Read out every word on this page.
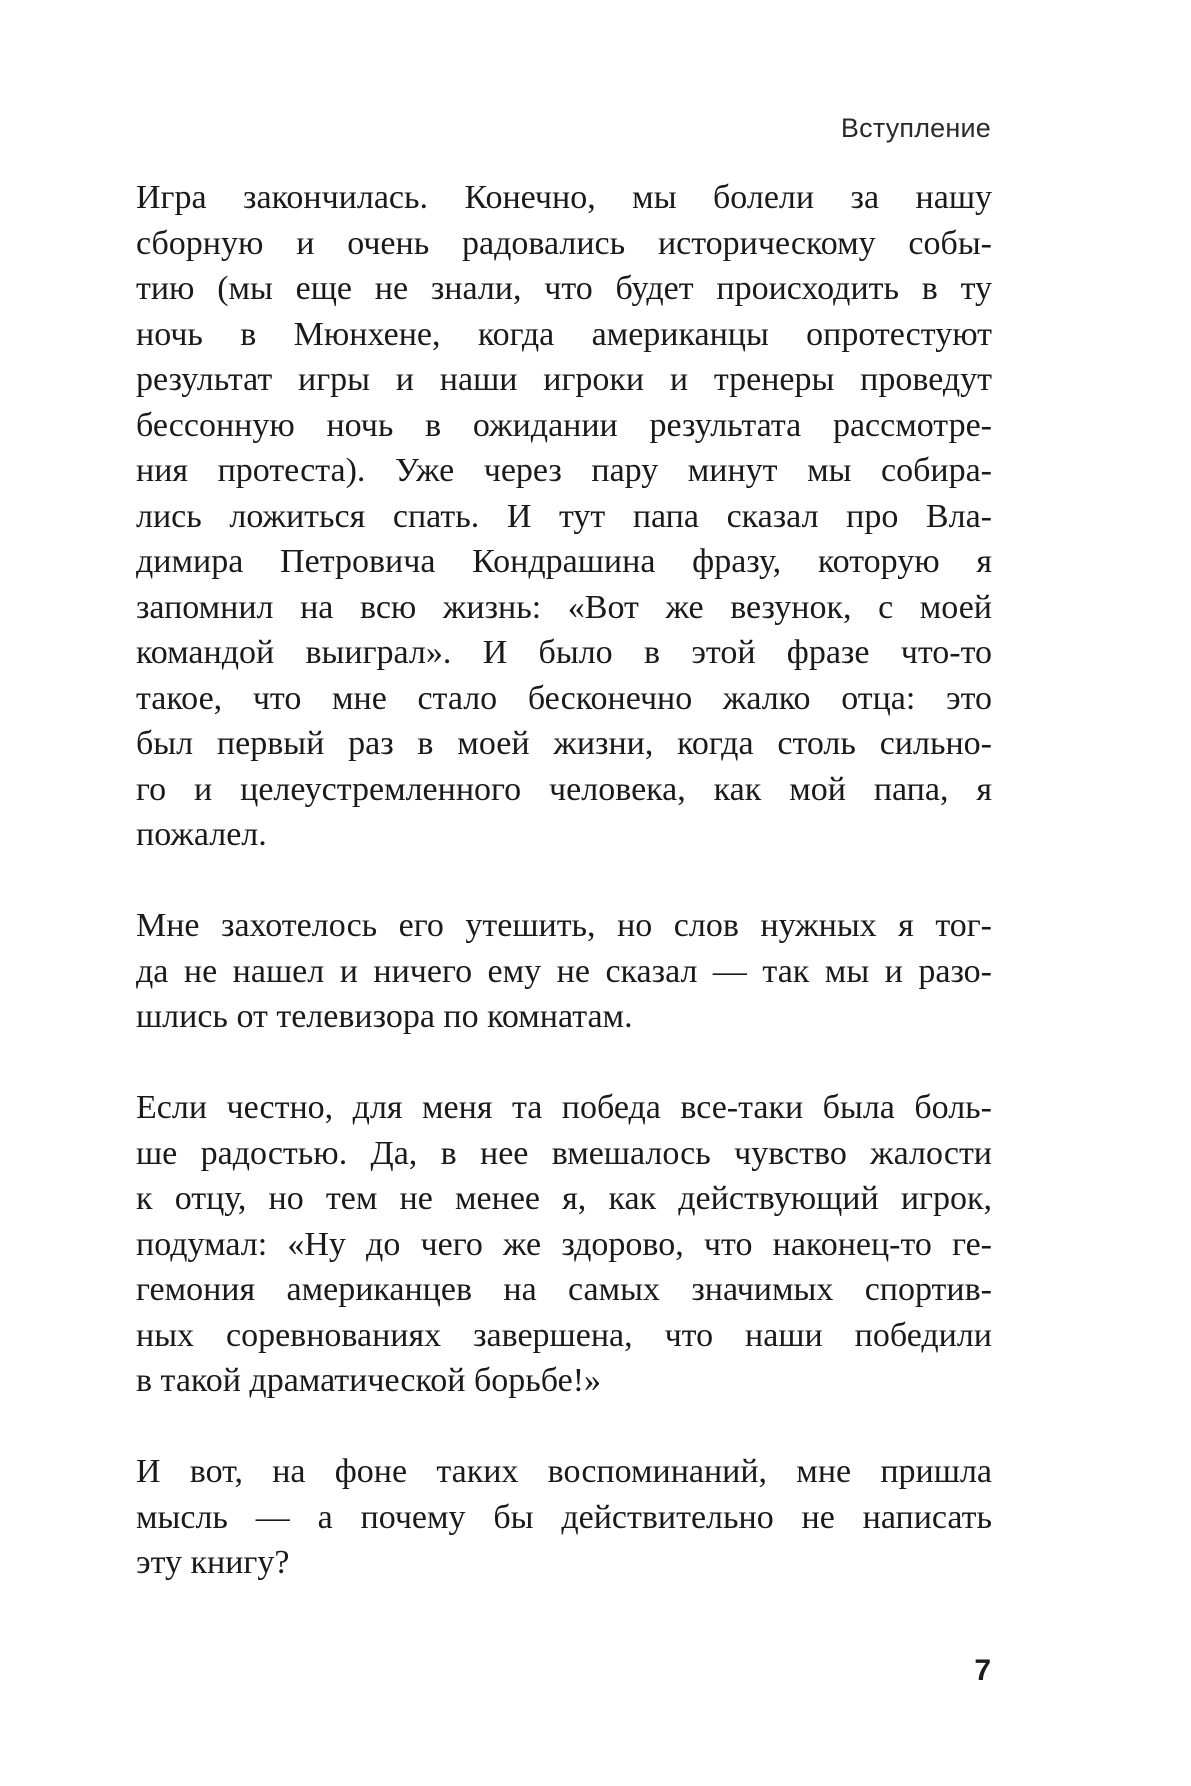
Вступление

Игра закончилась. Конечно, мы болели за нашу
сборную и очень радовались историческому собы-
тию (мы еще не знали, что будет происходить в ту
ночь в Мюнхене, когда американцы опротестуют
результат игры и наши игроки и тренеры проведут
бессонную ночь в ожидании результата рассмотре-
ния протеста). Уже через пару минут мы собира-
лись ложиться спать. И тут папа сказал про Вла-
димира Петровича Кондрашина фразу, которую я
запомнил на всю жизнь: «Вот же везунок, с моей
командой выиграл». И было в этой фразе что-то
такое, что мне стало бесконечно жалко отца: это
был первый раз в моей жизни, когда столь сильно-
го и целеустремленного человека, как мой папа, я
пожалел.

Мне захотелось его утешить, но слов нужных я тог-
да не нашел и ничего ему не сказал — так мы и разо-
шлись от телевизора по комнатам.

Если честно, для меня та победа все-таки была боль-
ше радостью. Да, в нее вмешалось чувство жалости
к отцу, но тем не менее я, как действующий игрок,
подумал: «Ну до чего же здорово, что наконец-то ге-
гемония американцев на самых значимых спортив-
ных соревнованиях завершена, что наши победили
в такой драматической борьбе!»

И вот, на фоне таких воспоминаний, мне пришла
мысль — а почему бы действительно не написать
эту книгу?

7
